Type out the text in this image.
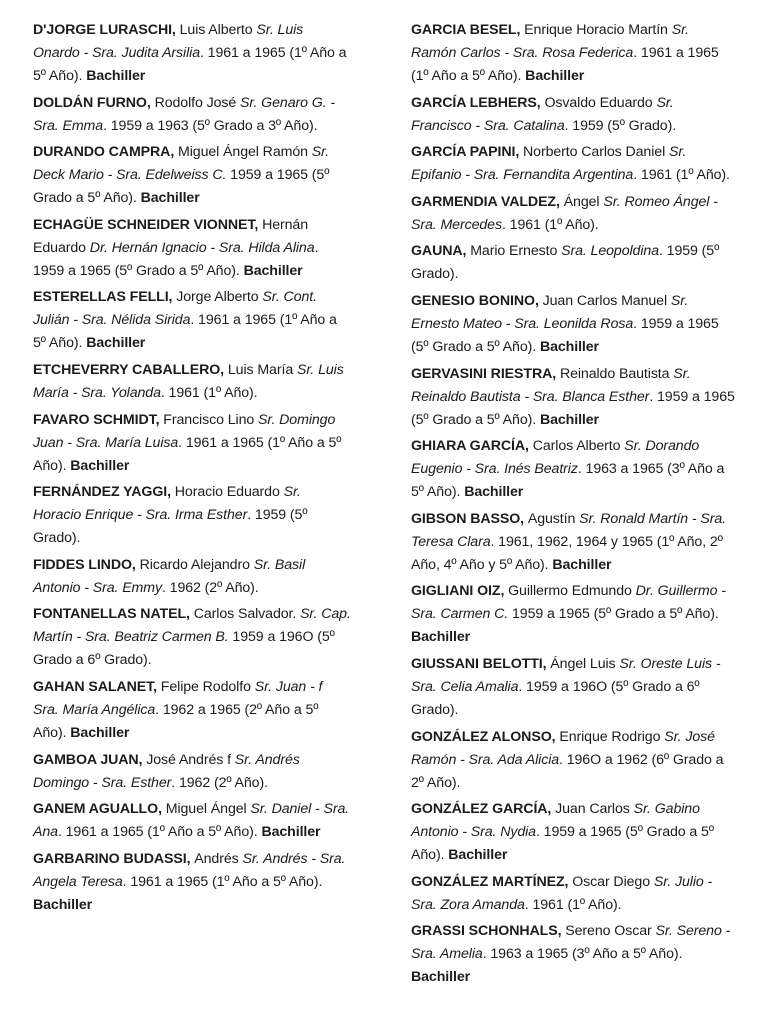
D'JORGE LURASCHI, Luis Alberto Sr. Luis Onardo - Sra. Judita Arsilia. 1961 a 1965 (1º Año a 5º Año). Bachiller

DOLDÁN FURNO, Rodolfo José Sr. Genaro G. - Sra. Emma. 1959 a 1963 (5º Grado a 3º Año).

DURANDO CAMPRA, Miguel Ángel Ramón Sr. Deck Mario - Sra. Edelweiss C. 1959 a 1965 (5º Grado a 5º Año). Bachiller

ECHAGÜE SCHNEIDER VIONNET, Hernán Eduardo Dr. Hernán Ignacio - Sra. Hilda Alina. 1959 a 1965 (5º Grado a 5º Año). Bachiller

ESTERELLAS FELLI, Jorge Alberto Sr. Cont. Julián - Sra. Nélida Sirida. 1961 a 1965 (1º Año a 5º Año). Bachiller

ETCHEVERRY CABALLERO, Luis María Sr. Luis María - Sra. Yolanda. 1961 (1º Año).

FAVARO SCHMIDT, Francisco Lino Sr. Domingo Juan - Sra. María Luisa. 1961 a 1965 (1º Año a 5º Año). Bachiller

FERNÁNDEZ YAGGI, Horacio Eduardo Sr. Horacio Enrique - Sra. Irma Esther. 1959 (5º Grado).

FIDDES LINDO, Ricardo Alejandro Sr. Basil Antonio - Sra. Emmy. 1962 (2º Año).

FONTANELLAS NATEL, Carlos Salvador. Sr. Cap. Martín - Sra. Beatriz Carmen B. 1959 a 196O (5º Grado a 6º Grado).

GAHAN SALANET, Felipe Rodolfo Sr. Juan - f Sra. María Angélica. 1962 a 1965 (2º Año a 5º Año). Bachiller

GAMBOA JUAN, José Andrés f Sr. Andrés Domingo - Sra. Esther. 1962 (2º Año).

GANEM AGUALLO, Miguel Ángel Sr. Daniel - Sra. Ana. 1961 a 1965 (1º Año a 5º Año). Bachiller

GARBARINO BUDASSI, Andrés Sr. Andrés - Sra. Angela Teresa. 1961 a 1965 (1º Año a 5º Año). Bachiller

GARCIA BESEL, Enrique Horacio Martín Sr. Ramón Carlos - Sra. Rosa Federica. 1961 a 1965 (1º Año a 5º Año). Bachiller

GARCÍA LEBHERS, Osvaldo Eduardo Sr. Francisco - Sra. Catalina. 1959 (5º Grado).

GARCÍA PAPINI, Norberto Carlos Daniel Sr. Epifanio - Sra. Fernandita Argentina. 1961 (1º Año).

GARMENDIA VALDEZ, Ángel Sr. Romeo Ángel - Sra. Mercedes. 1961 (1º Año).

GAUNA, Mario Ernesto Sra. Leopoldina. 1959 (5º Grado).

GENESIO BONINO, Juan Carlos Manuel Sr. Ernesto Mateo - Sra. Leonilda Rosa. 1959 a 1965 (5º Grado a 5º Año). Bachiller

GERVASINI RIESTRA, Reinaldo Bautista Sr. Reinaldo Bautista - Sra. Blanca Esther. 1959 a 1965 (5º Grado a 5º Año). Bachiller

GHIARA GARCÍA, Carlos Alberto Sr. Dorando Eugenio - Sra. Inés Beatriz. 1963 a 1965 (3º Año a 5º Año). Bachiller

GIBSON BASSO, Agustín Sr. Ronald Martín - Sra. Teresa Clara. 1961, 1962, 1964 y 1965 (1º Año, 2º Año, 4º Año y 5º Año). Bachiller

GIGLIANI OIZ, Guillermo Edmundo Dr. Guillermo - Sra. Carmen C. 1959 a 1965 (5º Grado a 5º Año). Bachiller

GIUSSANI BELOTTI, Ángel Luis Sr. Oreste Luis - Sra. Celia Amalia. 1959 a 196O (5º Grado a 6º Grado).

GONZÁLEZ ALONSO, Enrique Rodrigo Sr. José Ramón - Sra. Ada Alicia. 196O a 1962 (6º Grado a 2º Año).

GONZÁLEZ GARCÍA, Juan Carlos Sr. Gabino Antonio - Sra. Nydia. 1959 a 1965 (5º Grado a 5º Año). Bachiller

GONZÁLEZ MARTÍNEZ, Oscar Diego Sr. Julio - Sra. Zora Amanda. 1961 (1º Año).

GRASSI SCHONHALS, Sereno Oscar Sr. Sereno - Sra. Amelia. 1963 a 1965 (3º Año a 5º Año). Bachiller
